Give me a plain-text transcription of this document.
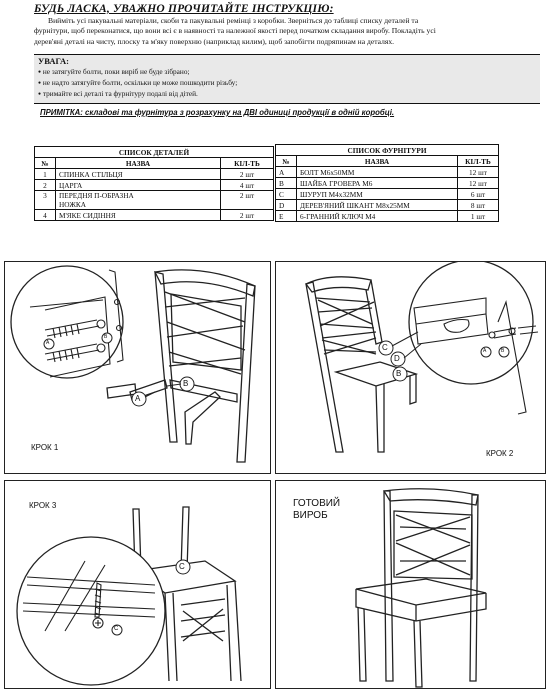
БУДЬ ЛАСКА, УВАЖНО ПРОЧИТАЙТЕ ІНСТРУКЦІЮ:
Вийміть усі пакувальні матеріали, скоби та пакувальні ремінці з коробки. Зверніться до таблиці списку деталей та
фурнітури, щоб переконатися, що вони всі є в наявності та належної якості перед початком складання виробу. Покладіть усі
дерев'яні деталі на чисту, плоску та м'яку поверхню (наприклад килим), щоб запобігти подряпинам на деталях.
УВАГА:
● не затягуйте болти, поки виріб не буде зібрано;
● не надто затягуйте болти, оскільки це може пошкодити різьбу;
● тримайте всі деталі та фурнітуру подалі від дітей.
ПРИМІТКА: складові та фурнітура з розрахунку на ДВІ одиниці продукції в одній коробці.
СПИСОК ДЕТАЛЕЙ		
№	НАЗВА	КІЛ-ТЬ
1	СПИНКА СТІЛЬЦЯ	2 шт
2	ЦАРГА	4 шт
3	ПЕРЕДНЯ П-ОБРАЗНА
НОЖКА	2 шт
4	М'ЯКЕ СИДІННЯ	2 шт
СПИСОК ФУРНІТУРИ		
№	НАЗВА	КІЛ-ТЬ
A	БОЛТ М6х50ММ	12 шт
B	ШАЙБА ГРОВЕРА М6	12 шт
C	ШУРУП М4х32ММ	6 шт
D	ДЕРЕВ'ЯНИЙ ШКАНТ М8х25ММ	8 шт
E	6-ГРАННИЙ КЛЮЧ М4	1 шт
A
B
A
B
КРОК 1
C
D
B
A	B
КРОК 2
C
C
КРОК 3	ГОТОВИЙ
ВИРОБ
